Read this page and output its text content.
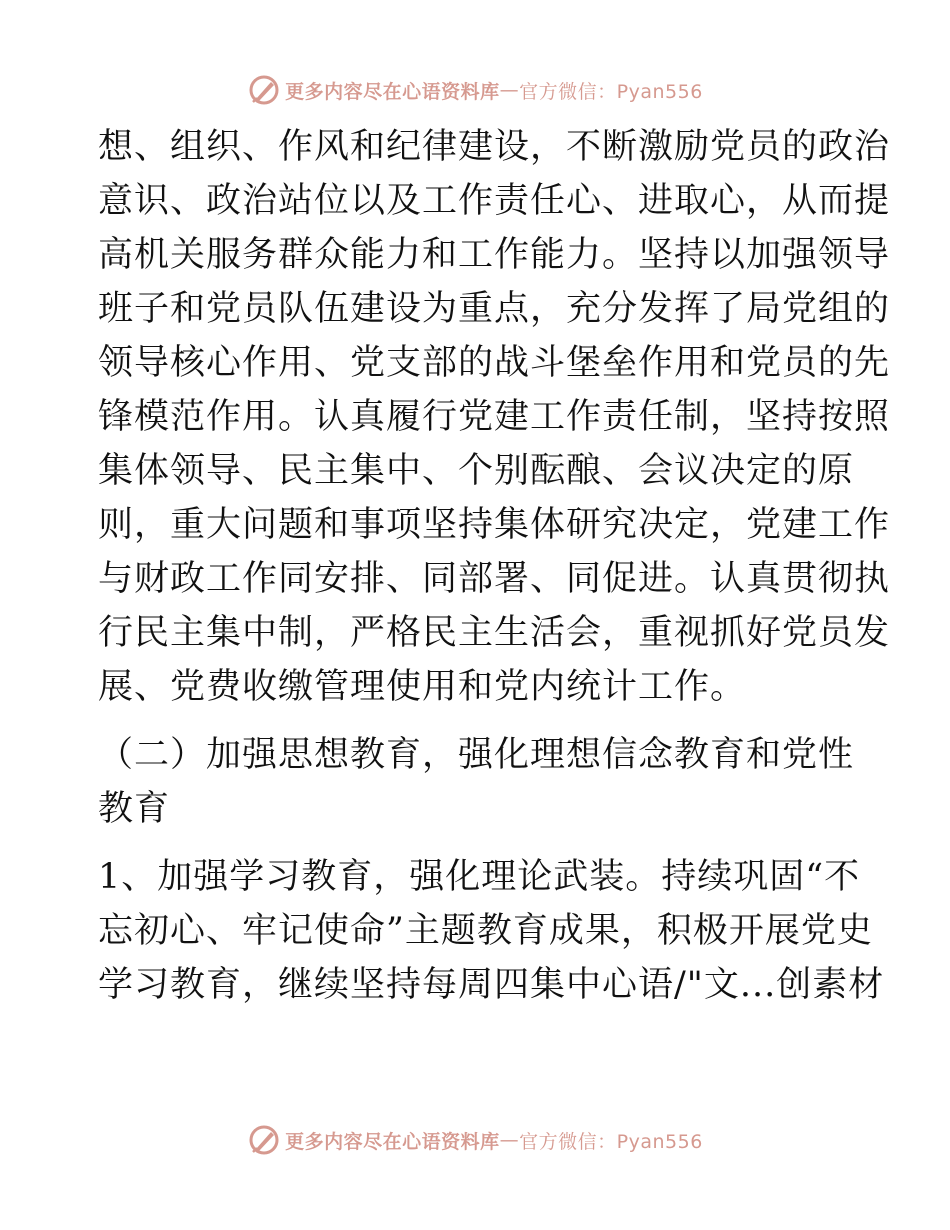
更多内容尽在心语资料库 — 官方微信：Pyan556
想、组织、作风和纪律建设，不断激励党员的政治
意识、政治站位以及工作责任心、进取心，从而提
高机关服务群众能力和工作能力。坚持以加强领导
班子和党员队伍建设为重点，充分发挥了局党组的
领导核心作用、党支部的战斗堡垒作用和党员的先
锋模范作用。认真履行党建工作责任制，坚持按照
集体领导、民主集中、个别酝酿、会议决定的原
则，重大问题和事项坚持集体研究决定，党建工作
与财政工作同安排、同部署、同促进。认真贯彻执
行民主集中制，严格民主生活会，重视抓好党员发
展、党费收缴管理使用和党内统计工作。
（二）加强思想教育，强化理想信念教育和党性
教育
1、加强学习教育，强化理论武装。持续巩固“不
忘初心、牢记使命”主题教育成果，积极开展党史
学习教育，继续坚持每周四集中心语/"文...创素材
更多内容尽在心语资料库 — 官方微信：Pyan556
